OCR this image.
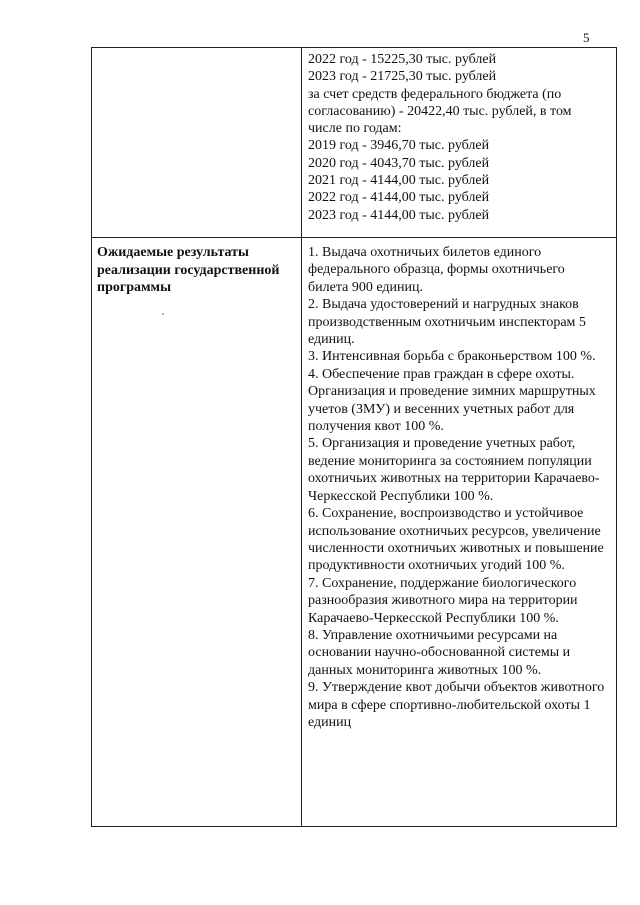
5

2022 год - 15225,30 тыс. рублей

2023 год - 21725,30 тыс. рублей

за счет средств федерального бюджета (по согласованию) - 20422,40 тыс. рублей, в том числе по годам:

2019 год - 3946,70 тыс. рублей

2020 год - 4043,70 тыс. рублей

2021 год - 4144,00 тыс. рублей

2022 год - 4144,00 тыс. рублей

2023 год - 4144,00 тыс. рублей

Ожидаемые результаты реализации государственной программы

1. Выдача охотничьих билетов единого федерального образца, формы охотничьего билета 900 единиц.

2. Выдача удостоверений и нагрудных знаков производственным охотничьим инспекторам 5 единиц.

3. Интенсивная борьба с браконьерством 100 %.

4. Обеспечение прав граждан в сфере охоты. Организация и проведение зимних маршрутных учетов (ЗМУ) и весенних учетных работ для получения квот 100 %.

5. Организация и проведение учетных работ, ведение мониторинга за состоянием популяции охотничьих животных на территории Карачаево-Черкесской Республики 100 %.

6. Сохранение, воспроизводство и устойчивое использование охотничьих ресурсов, увеличение численности охотничьих животных и повышение продуктивности охотничьих угодий 100 %.

7. Сохранение, поддержание биологического разнообразия животного мира на территории Карачаево-Черкесской Республики 100 %.

8. Управление охотничьими ресурсами на основании научно-обоснованной системы и данных мониторинга животных 100 %.

9. Утверждение квот добычи объектов животного мира в сфере спортивно-любительской охоты 1 единиц
